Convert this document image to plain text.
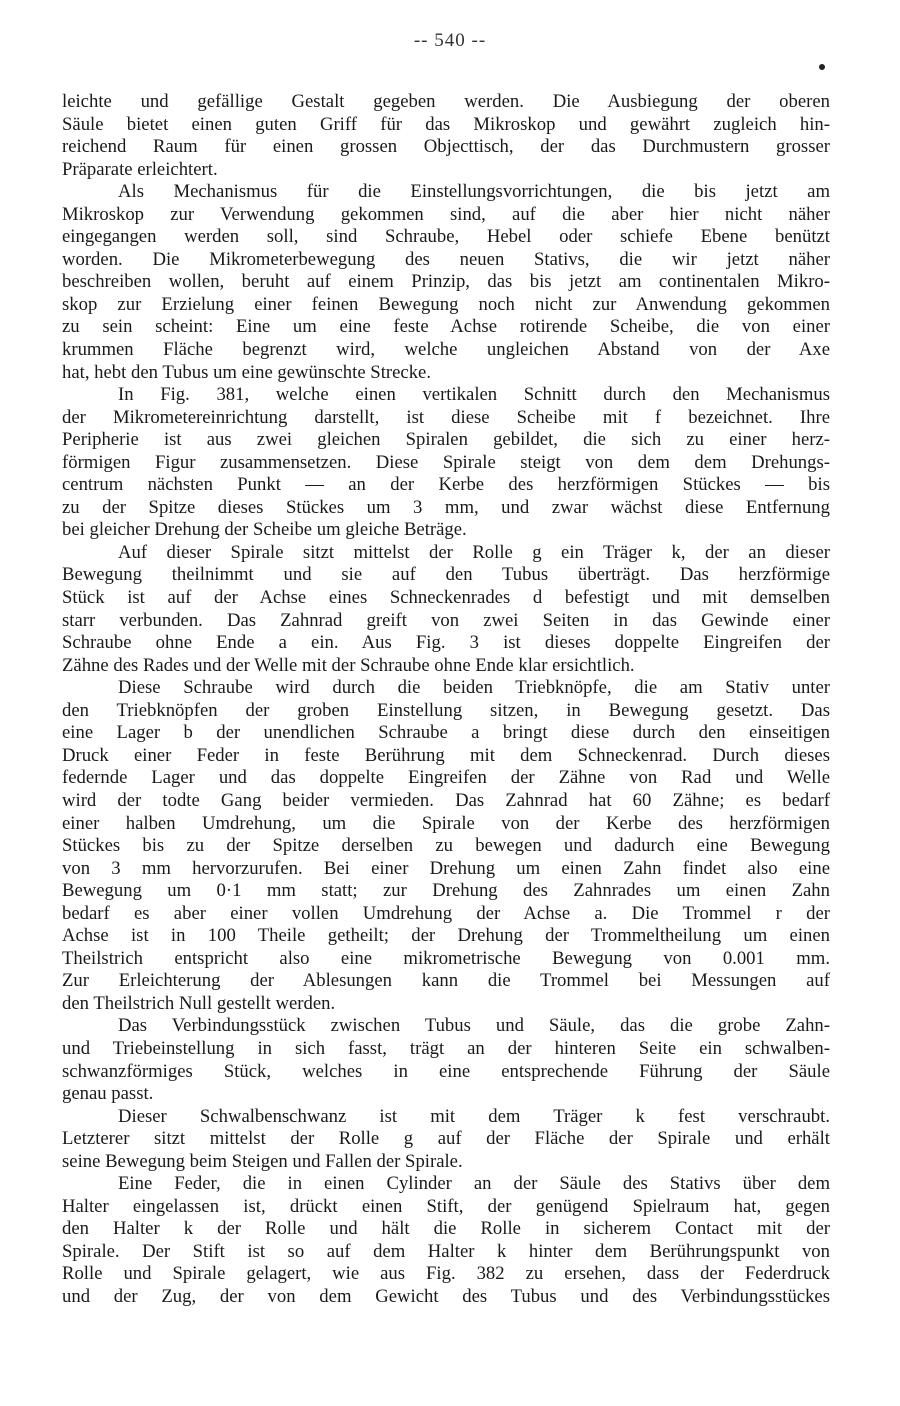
-- 540 --
leichte und gefällige Gestalt gegeben werden. Die Ausbiegung der oberen
Säule bietet einen guten Griff für das Mikroskop und gewährt zugleich hin-
reichend Raum für einen grossen Objecttisch, der das Durchmustern grosser
Präparate erleichtert.
Als Mechanismus für die Einstellungsvorrichtungen, die bis jetzt am
Mikroskop zur Verwendung gekommen sind, auf die aber hier nicht näher
eingegangen werden soll, sind Schraube, Hebel oder schiefe Ebene benützt
worden. Die Mikrometerbewegung des neuen Stativs, die wir jetzt näher
beschreiben wollen, beruht auf einem Prinzip, das bis jetzt am continentalen Mikro-
skop zur Erzielung einer feinen Bewegung noch nicht zur Anwendung gekommen
zu sein scheint: Eine um eine feste Achse rotirende Scheibe, die von einer
krummen Fläche begrenzt wird, welche ungleichen Abstand von der Axe
hat, hebt den Tubus um eine gewünschte Strecke.
In Fig. 381, welche einen vertikalen Schnitt durch den Mechanismus
der Mikrometereinrichtung darstellt, ist diese Scheibe mit f bezeichnet. Ihre
Peripherie ist aus zwei gleichen Spiralen gebildet, die sich zu einer herz-
förmigen Figur zusammensetzen. Diese Spirale steigt von dem dem Drehungs-
centrum nächsten Punkt — an der Kerbe des herzförmigen Stückes — bis
zu der Spitze dieses Stückes um 3 mm, und zwar wächst diese Entfernung
bei gleicher Drehung der Scheibe um gleiche Beträge.
Auf dieser Spirale sitzt mittelst der Rolle g ein Träger k, der an dieser
Bewegung theilnimmt und sie auf den Tubus überträgt. Das herzförmige
Stück ist auf der Achse eines Schneckenrades d befestigt und mit demselben
starr verbunden. Das Zahnrad greift von zwei Seiten in das Gewinde einer
Schraube ohne Ende a ein. Aus Fig. 3 ist dieses doppelte Eingreifen der
Zähne des Rades und der Welle mit der Schraube ohne Ende klar ersichtlich.
Diese Schraube wird durch die beiden Triebknöpfe, die am Stativ unter
den Triebknöpfen der groben Einstellung sitzen, in Bewegung gesetzt. Das
eine Lager b der unendlichen Schraube a bringt diese durch den einseitigen
Druck einer Feder in feste Berührung mit dem Schneckenrad. Durch dieses
federnde Lager und das doppelte Eingreifen der Zähne von Rad und Welle
wird der todte Gang beider vermieden. Das Zahnrad hat 60 Zähne; es bedarf
einer halben Umdrehung, um die Spirale von der Kerbe des herzförmigen
Stückes bis zu der Spitze derselben zu bewegen und dadurch eine Bewegung
von 3 mm hervorzurufen. Bei einer Drehung um einen Zahn findet also eine
Bewegung um 0·1 mm statt; zur Drehung des Zahnrades um einen Zahn
bedarf es aber einer vollen Umdrehung der Achse a. Die Trommel r der
Achse ist in 100 Theile getheilt; der Drehung der Trommeltheilung um einen
Theilstrich entspricht also eine mikrometrische Bewegung von 0.001 mm.
Zur Erleichterung der Ablesungen kann die Trommel bei Messungen auf
den Theilstrich Null gestellt werden.
Das Verbindungsstück zwischen Tubus und Säule, das die grobe Zahn-
und Triebeinstellung in sich fasst, trägt an der hinteren Seite ein schwalben-
schwanzförmiges Stück, welches in eine entsprechende Führung der Säule
genau passt.
Dieser Schwalbenschwanz ist mit dem Träger k fest verschraubt.
Letzterer sitzt mittelst der Rolle g auf der Fläche der Spirale und erhält
seine Bewegung beim Steigen und Fallen der Spirale.
Eine Feder, die in einen Cylinder an der Säule des Stativs über dem
Halter eingelassen ist, drückt einen Stift, der genügend Spielraum hat, gegen
den Halter k der Rolle und hält die Rolle in sicherem Contact mit der
Spirale. Der Stift ist so auf dem Halter k hinter dem Berührungspunkt von
Rolle und Spirale gelagert, wie aus Fig. 382 zu ersehen, dass der Federdruck
und der Zug, der von dem Gewicht des Tubus und des Verbindungsstückes
